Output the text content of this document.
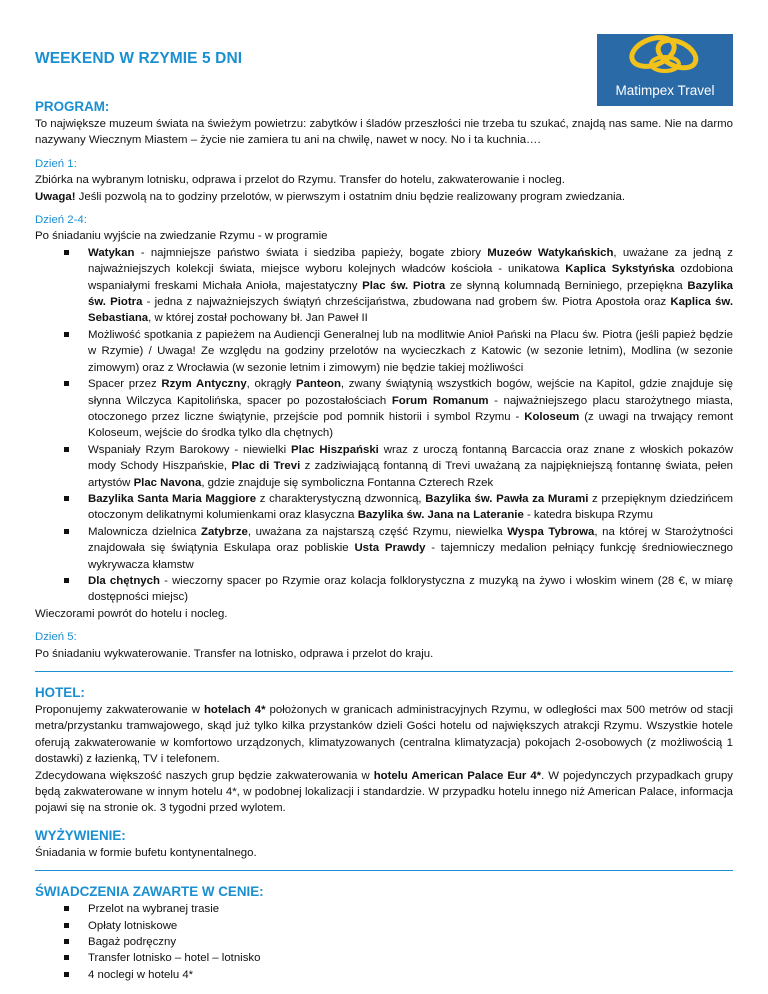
WEEKEND W RZYMIE 5 DNI
Matimpex Travel
PROGRAM:

To największe muzeum świata na świeżym powietrzu: zabytków i śladów przeszłości nie trzeba tu szukać, znajdą nas same. Nie na darmo nazywany Wiecznym Miastem – życie nie zamiera tu ani na chwilę, nawet w nocy. No i ta kuchnia….

Dzień 1:

Zbiórka na wybranym lotnisku, odprawa i przelot do Rzymu. Transfer do hotelu, zakwaterowanie i nocleg.

Uwaga! Jeśli pozwolą na to godziny przelotów, w pierwszym i ostatnim dniu będzie realizowany program zwiedzania.

Dzień 2-4:

Po śniadaniu wyjście na zwiedzanie Rzymu - w programie

Watykan - najmniejsze państwo świata i siedziba papieży, bogate zbiory Muzeów Watykańskich, uważane za jedną z najważniejszych kolekcji świata, miejsce wyboru kolejnych władców kościoła - unikatowa Kaplica Sykstyńska ozdobiona wspaniałymi freskami Michała Anioła, majestatyczny Plac św. Piotra ze słynną kolumnadą Berniniego, przepiękna Bazylika św. Piotra - jedna z najważniejszych świątyń chrześcijaństwa, zbudowana nad grobem św. Piotra Apostoła oraz Kaplica św. Sebastiana, w której został pochowany bł. Jan Paweł II
Możliwość spotkania z papieżem na Audiencji Generalnej lub na modlitwie Anioł Pański na Placu św. Piotra (jeśli papież będzie w Rzymie) / Uwaga! Ze względu na godziny przelotów na wycieczkach z Katowic (w sezonie letnim), Modlina (w sezonie zimowym) oraz z Wrocławia (w sezonie letnim i zimowym) nie będzie takiej możliwości
Spacer przez Rzym Antyczny, okrągły Panteon, zwany świątynią wszystkich bogów, wejście na Kapitol, gdzie znajduje się słynna Wilczyca Kapitolińska, spacer po pozostałościach Forum Romanum - najważniejszego placu starożytnego miasta, otoczonego przez liczne świątynie, przejście pod pomnik historii i symbol Rzymu - Koloseum (z uwagi na trwający remont Koloseum, wejście do środka tylko dla chętnych)
Wspaniały Rzym Barokowy - niewielki Plac Hiszpański wraz z uroczą fontanną Barcaccia oraz znane z włoskich pokazów mody Schody Hiszpańskie, Plac di Trevi z zadziwiającą fontanną di Trevi uważaną za najpiękniejszą fontannę świata, pełen artystów Plac Navona, gdzie znajduje się symboliczna Fontanna Czterech Rzek
Bazylika Santa Maria Maggiore z charakterystyczną dzwonnicą, Bazylika św. Pawła za Murami z przepięknym dziedzińcem otoczonym delikatnymi kolumienkami oraz klasyczna Bazylika św. Jana na Lateranie - katedra biskupa Rzymu
Malownicza dzielnica Zatybrze, uważana za najstarszą część Rzymu, niewielka Wyspa Tybrowa, na której w Starożytności znajdowała się świątynia Eskulapa oraz pobliskie Usta Prawdy - tajemniczy medalion pełniący funkcję średniowiecznego wykrywacza kłamstw
Dla chętnych - wieczorny spacer po Rzymie oraz kolacja folklorystyczna z muzyką na żywo i włoskim winem (28 €, w miarę dostępności miejsc)

Wieczorami powrót do hotelu i nocleg.

Dzień 5:

Po śniadaniu wykwaterowanie. Transfer na lotnisko, odprawa i przelot do kraju.

HOTEL:

Proponujemy zakwaterowanie w hotelach 4* położonych w granicach administracyjnych Rzymu, w odległości max 500 metrów od stacji metra/przystanku tramwajowego, skąd już tylko kilka przystanków dzieli Gości hotelu od największych atrakcji Rzymu. Wszystkie hotele oferują zakwaterowanie w komfortowo urządzonych, klimatyzowanych (centralna klimatyzacja) pokojach 2-osobowych (z możliwością 1 dostawki) z łazienką, TV i telefonem.

Zdecydowana większość naszych grup będzie zakwaterowania w hotelu American Palace Eur 4*. W pojedynczych przypadkach grupy będą zakwaterowane w innym hotelu 4*, w podobnej lokalizacji i standardzie. W przypadku hotelu innego niż American Palace, informacja pojawi się na stronie ok. 3 tygodni przed wylotem.

WYŻYWIENIE:

Śniadania w formie bufetu kontynentalnego.

ŚWIADCZENIA ZAWARTE W CENIE:
Przelot na wybranej trasie
Opłaty lotniskowe
Bagaż podręczny
Transfer lotnisko – hotel – lotnisko
4 noclegi w hotelu 4*
